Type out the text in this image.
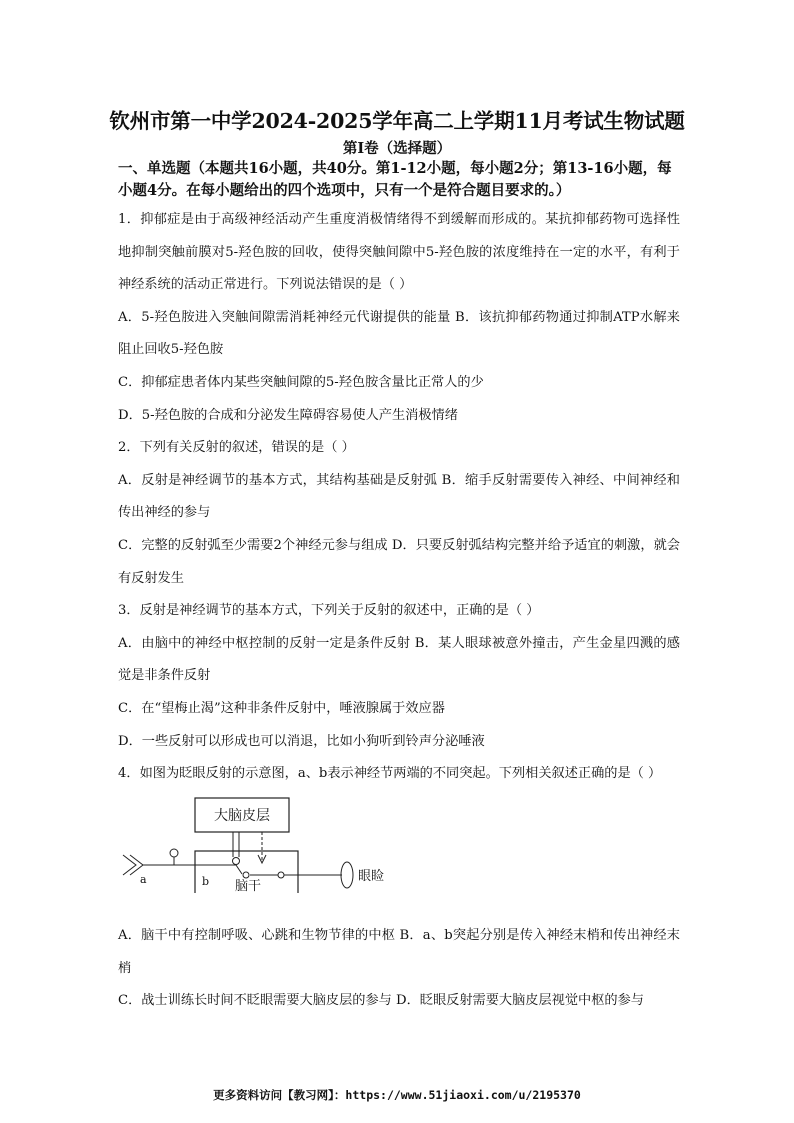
钦州市第一中学2024-2025学年高二上学期11月考试生物试题
第Ⅰ卷（选择题）
一、单选题（本题共16小题，共40分。第1-12小题，每小题2分；第13-16小题，每小题4分。在每小题给出的四个选项中，只有一个是符合题目要求的。）

1．抑郁症是由于高级神经活动产生重度消极情绪得不到缓解而形成的。某抗抑郁药物可选择性地抑制突触前膜对5-羟色胺的回收，使得突触间隙中5-羟色胺的浓度维持在一定的水平，有利于神经系统的活动正常进行。下列说法错误的是（ ）

A．5-羟色胺进入突触间隙需消耗神经元代谢提供的能量 B．该抗抑郁药物通过抑制ATP水解来阻止回收5-羟色胺

C．抑郁症患者体内某些突触间隙的5-羟色胺含量比正常人的少

D．5-羟色胺的合成和分泌发生障碍容易使人产生消极情绪

2．下列有关反射的叙述，错误的是（ ）

A．反射是神经调节的基本方式，其结构基础是反射弧 B．缩手反射需要传入神经、中间神经和传出神经的参与

C．完整的反射弧至少需要2个神经元参与组成 D．只要反射弧结构完整并给予适宜的刺激，就会有反射发生

3．反射是神经调节的基本方式，下列关于反射的叙述中，正确的是（ ）

A．由脑中的神经中枢控制的反射一定是条件反射 B．某人眼球被意外撞击，产生金星四溅的感觉是非条件反射

C．在“望梅止渴”这种非条件反射中，唾液腺属于效应器

D．一些反射可以形成也可以消退，比如小狗听到铃声分泌唾液

4．如图为眨眼反射的示意图，a、b表示神经节两端的不同突起。下列相关叙述正确的是（ ）

大脑皮层
脑干
a	b	眼睑

A．脑干中有控制呼吸、心跳和生物节律的中枢 B．a、b突起分别是传入神经末梢和传出神经末梢

C．战士训练长时间不眨眼需要大脑皮层的参与 D．眨眼反射需要大脑皮层视觉中枢的参与

更多资料访问【教习网】：https://www.51jiaoxi.com/u/2195370
